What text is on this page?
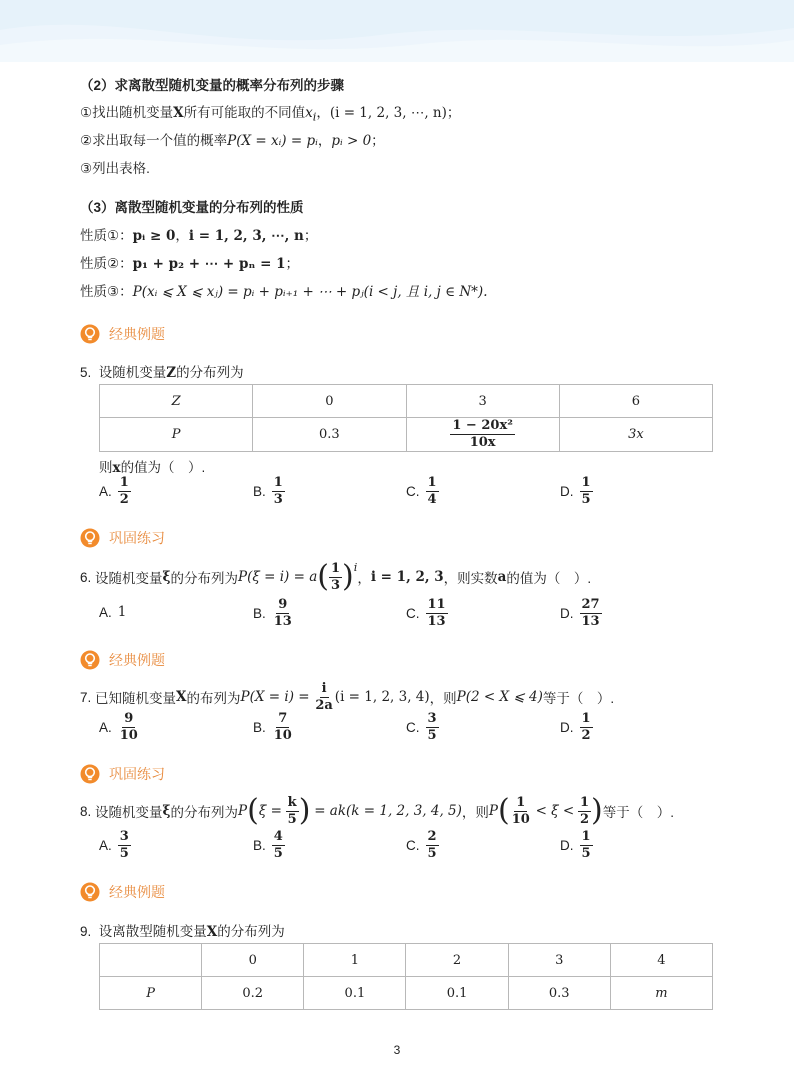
（2）求离散型随机变量的概率分布列的步骤
①找出随机变量X所有可能取的不同值$x_i$，(i = 1, 2, 3, ⋯, n)；
②求出取每一个值的概率P(X = xᵢ) = pᵢ，pᵢ > 0；
③列出表格.
（3）离散型随机变量的分布列的性质
性质①：pᵢ ≥ 0，i = 1, 2, 3, ⋯, n；
性质②：p₁ + p₂ + ⋯ + pₙ = 1；
性质③：P(xᵢ ⩽ X ⩽ xⱼ) = pᵢ + pᵢ₊₁ + ⋯ + pⱼ(i < j, 且 i, j ∈ N*).
经典例题
5. 设随机变量Z的分布列为
Z	0	3	6
P	0.3	$\frac{\text{1 − 20x²}}{10x}$	3x
则x的值为（　）.
A. $\frac{1}{2}$	B. $\frac{1}{3}$	C. $\frac{1}{4}$	D. $\frac{1}{5}$
巩固练习
6.
设随机变量 ξ 的分布列为 P(ξ = i) = a ( $\frac{1}{3} )^i$
， i = 1, 2, 3 ，则实数 a 的值为（　）.
A. 1	B. $\frac{9}{13}$	C. $\frac{11}{13}$	D. $\frac{27}{13}$
经典例题
7.
已知随机变量 X 的布列为 P(X = i) =
$\frac{i}{2a} (i = 1$, 2, 3, 4) ，则 P(2 < X ⩽ 4) 等于（　）.
A. $\frac{9}{10}$	B. $\frac{7}{10}$	C. $\frac{3}{5}$	D. $\frac{1}{2}$
巩固练习
8.
设随机变量 ξ 的分布列为 P ( ξ =
$\frac{k}{5}$ )
= ak(k = 1, 2, 3, 4, 5) ，则 P ( $\frac{1}{10}$
< ξ <
$\frac{1}{2}$ ) 等于（　）.
A. $\frac{3}{5}$	B. $\frac{4}{5}$	C. $\frac{2}{5}$	D. $\frac{1}{5}$
经典例题
9. 设离散型随机变量X的分布列为
	0	1	2	3	4
P	0.2	0.1	0.1	0.3	m
3
